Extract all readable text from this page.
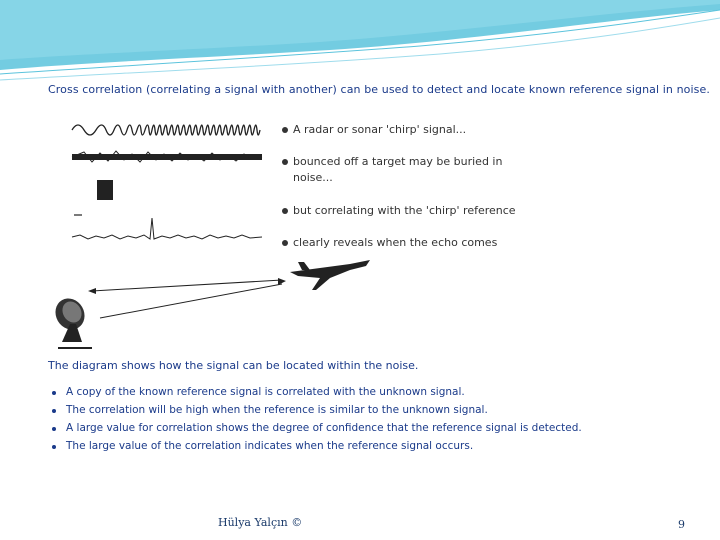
Cross correlation (correlating a signal with another) can be used to detect and locate known reference signal in noise.
A radar or sonar 'chirp' signal...
bounced off a target may be buried in
noise...
but correlating with the 'chirp' reference
clearly reveals when the echo comes
The diagram shows how the signal can be located within the noise.
A copy of the known reference signal is correlated with the unknown signal.
The correlation will be high when the reference is similar to the unknown signal.
A large value for correlation shows the degree of confidence that the reference signal is detected.
The large value of the correlation indicates when the reference signal occurs.
Hülya Yalçın ©	9
